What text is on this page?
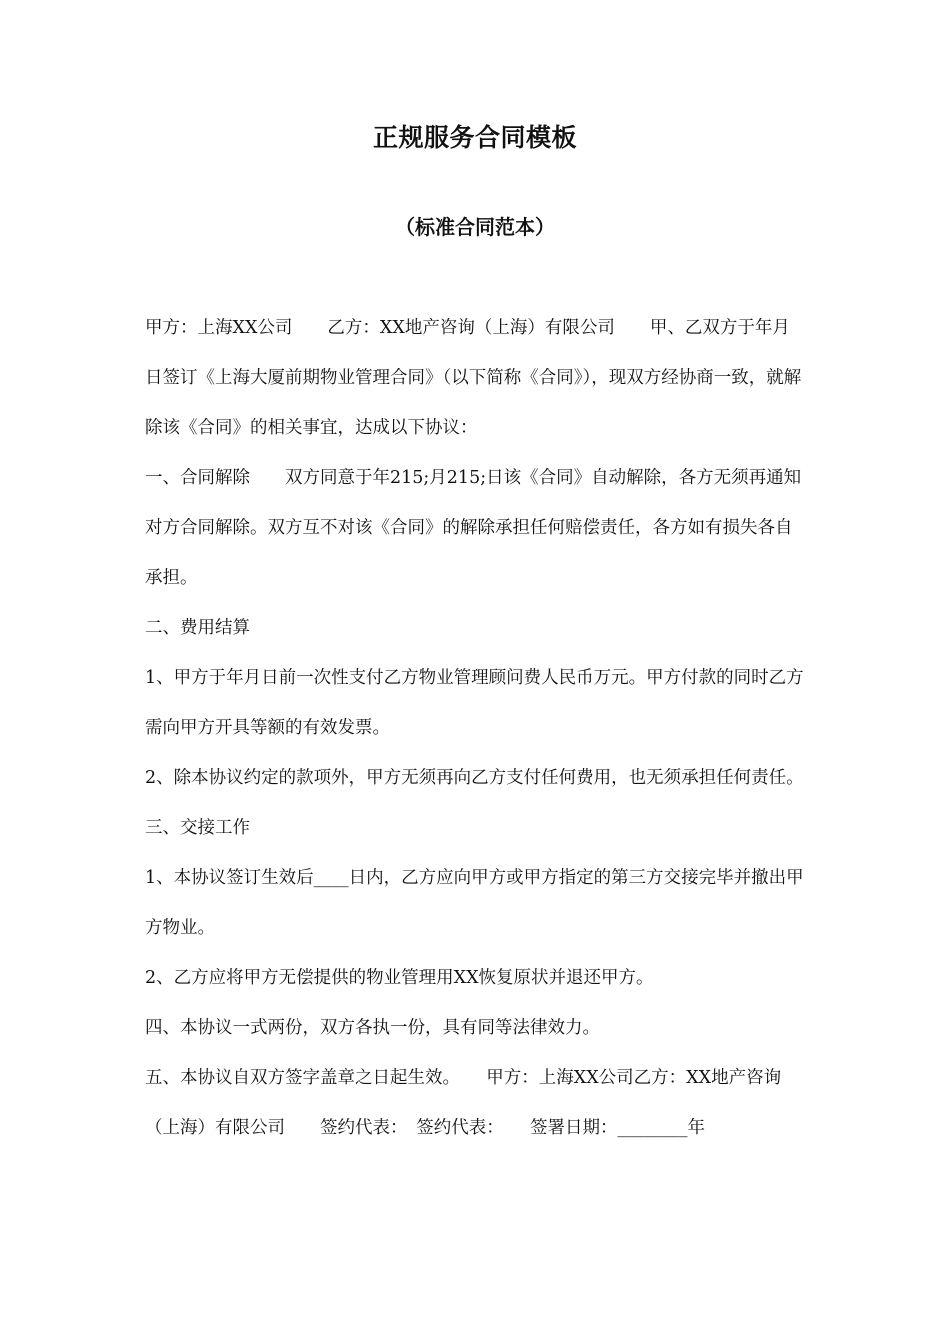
正规服务合同模板
（标准合同范本）

甲方：上海XX公司　　乙方：XX地产咨询（上海）有限公司　　甲、乙双方于年月日签订《上海大厦前期物业管理合同》（以下简称《合同》），现双方经协商一致，就解除该《合同》的相关事宜，达成以下协议：

一、合同解除　　双方同意于年215;月215;日该《合同》自动解除，各方无须再通知对方合同解除。双方互不对该《合同》的解除承担任何赔偿责任，各方如有损失各自承担。

二、费用结算

1、甲方于年月日前一次性支付乙方物业管理顾问费人民币万元。甲方付款的同时乙方需向甲方开具等额的有效发票。

2、除本协议约定的款项外，甲方无须再向乙方支付任何费用，也无须承担任何责任。

三、交接工作

1、本协议签订生效后____日内，乙方应向甲方或甲方指定的第三方交接完毕并撤出甲方物业。

2、乙方应将甲方无偿提供的物业管理用XX恢复原状并退还甲方。

四、本协议一式两份，双方各执一份，具有同等法律效力。

五、本协议自双方签字盖章之日起生效。　　甲方：上海XX公司乙方：XX地产咨询（上海）有限公司　　签约代表：　签约代表：　　签署日期：________年
